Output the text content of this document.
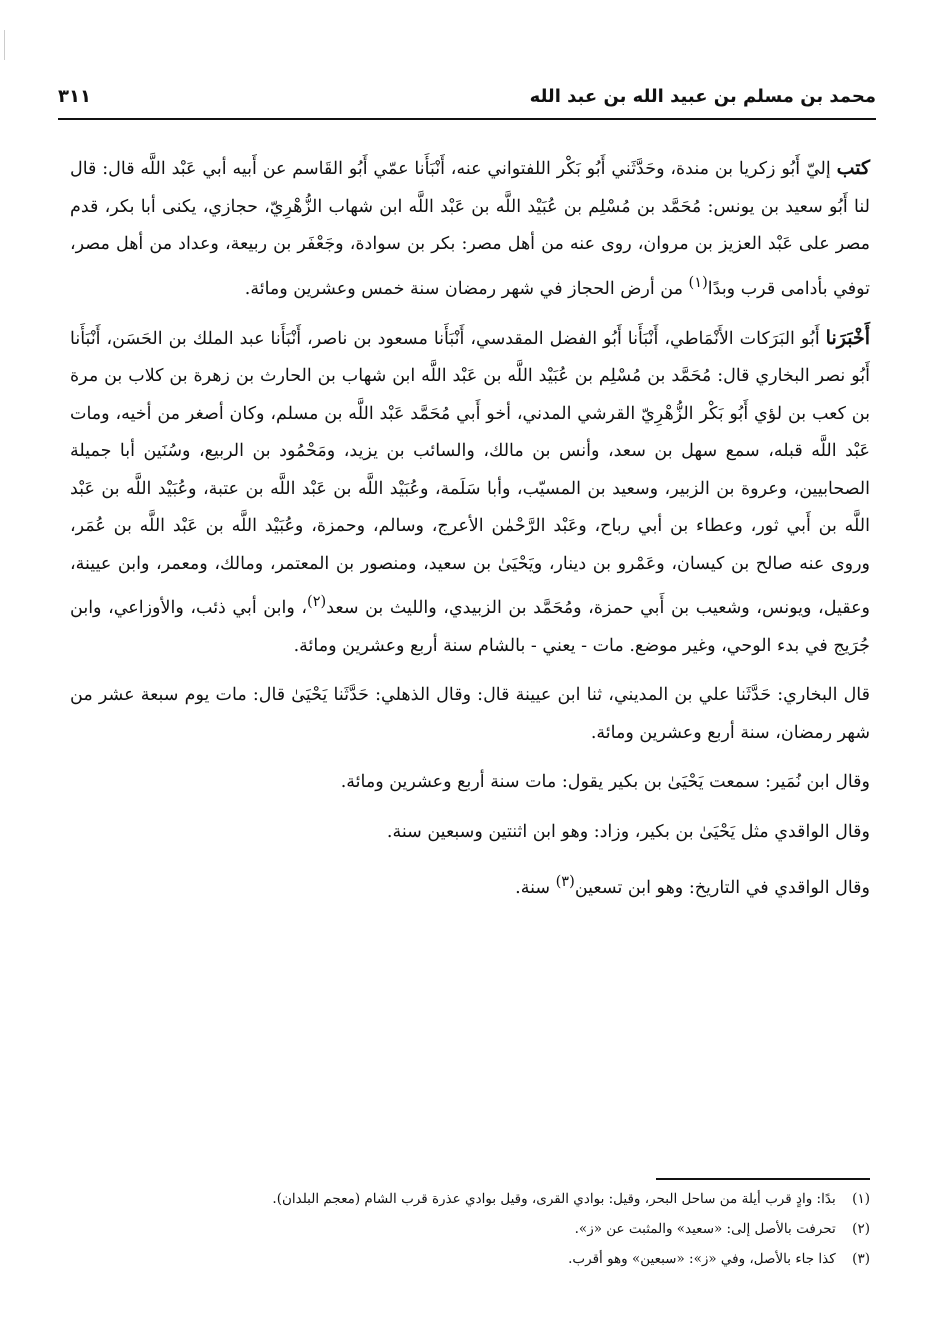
محمد بن مسلم بن عبيد الله بن عبد الله
٣١١

كتب إليّ أَبُو زكريا بن مندة، وحَدَّثَني أَبُو بَكْر اللفتواني عنه، أَنْبَأَنا عمّي أَبُو القَاسم عن أَبيه أبي عَبْد اللَّه قال: قال لنا أَبُو سعيد بن يونس: مُحَمَّد بن مُسْلِم بن عُبَيْد اللَّه بن عَبْد اللَّه ابن شهاب الزُّهْرِيّ، حجازي، يكنى أبا بكر، قدم مصر على عَبْد العزيز بن مروان، روى عنه من أهل مصر: بكر بن سوادة، وجَعْفَر بن ربيعة، وعداد من أهل مصر، توفي بأدامى قرب وبدًا$^{(١)}$ من أرض الحجاز في شهر رمضان سنة خمس وعشرين ومائة.

أَخْبَرَنا أَبُو البَرَكات الأَنْمَاطي، أَنْبَأَنا أَبُو الفضل المقدسي، أَنْبَأَنا مسعود بن ناصر، أَنْبَأَنا عبد الملك بن الحَسَن، أَنْبَأَنا أَبُو نصر البخاري قال: مُحَمَّد بن مُسْلِم بن عُبَيْد اللَّه بن عَبْد اللَّه ابن شهاب بن الحارث بن زهرة بن كلاب بن مرة بن كعب بن لؤي أَبُو بَكْر الزُّهْرِيّ القرشي المدني، أخو أَبي مُحَمَّد عَبْد اللَّه بن مسلم، وكان أصغر من أخيه، ومات عَبْد اللَّه قبله، سمع سهل بن سعد، وأنس بن مالك، والسائب بن يزيد، ومَحْمُود بن الربيع، وسُنَين أبا جميلة الصحابيين، وعروة بن الزبير، وسعيد بن المسيّب، وأبا سَلَمة، وعُبَيْد اللَّه بن عَبْد اللَّه بن عتبة، وعُبَيْد اللَّه بن عَبْد اللَّه بن أَبي ثور، وعطاء بن أبي رباح، وعَبْد الرَّحْمٰن الأعرج، وسالم، وحمزة، وعُبَيْد اللَّه بن عَبْد اللَّه بن عُمَر، وروى عنه صالح بن كيسان، وعَمْرو بن دينار، ويَحْيَىٰ بن سعيد، ومنصور بن المعتمر، ومالك، ومعمر، وابن عيينة، وعقيل، ويونس، وشعيب بن أَبي حمزة، ومُحَمَّد بن الزبيدي، والليث بن سعد$^{(٢)}$، وابن أبي ذئب، والأوزاعي، وابن جُرَيج في بدء الوحي، وغير موضع. مات - يعني - بالشام سنة أربع وعشرين ومائة.

قال البخاري: حَدَّثَنا علي بن المديني، ثنا ابن عيينة قال: وقال الذهلي: حَدَّثَنا يَحْيَىٰ قال: مات يوم سبعة عشر من شهر رمضان، سنة أربع وعشرين ومائة.

وقال ابن نُمَير: سمعت يَحْيَىٰ بن بكير يقول: مات سنة أربع وعشرين ومائة.

وقال الواقدي مثل يَحْيَىٰ بن بكير، وزاد: وهو ابن اثنتين وسبعين سنة.

وقال الواقدي في التاريخ: وهو ابن تسعين$^{(٣)}$ سنة.

(١) بدًا: وادٍ قرب أيلة من ساحل البحر، وقيل: بوادي القرى، وقيل بوادي عذرة قرب الشام (معجم البلدان).
(٢) تحرفت بالأصل إلى: «سعيد» والمثبت عن «ز».
(٣) كذا جاء بالأصل، وفي «ز»: «سبعين» وهو أقرب.
